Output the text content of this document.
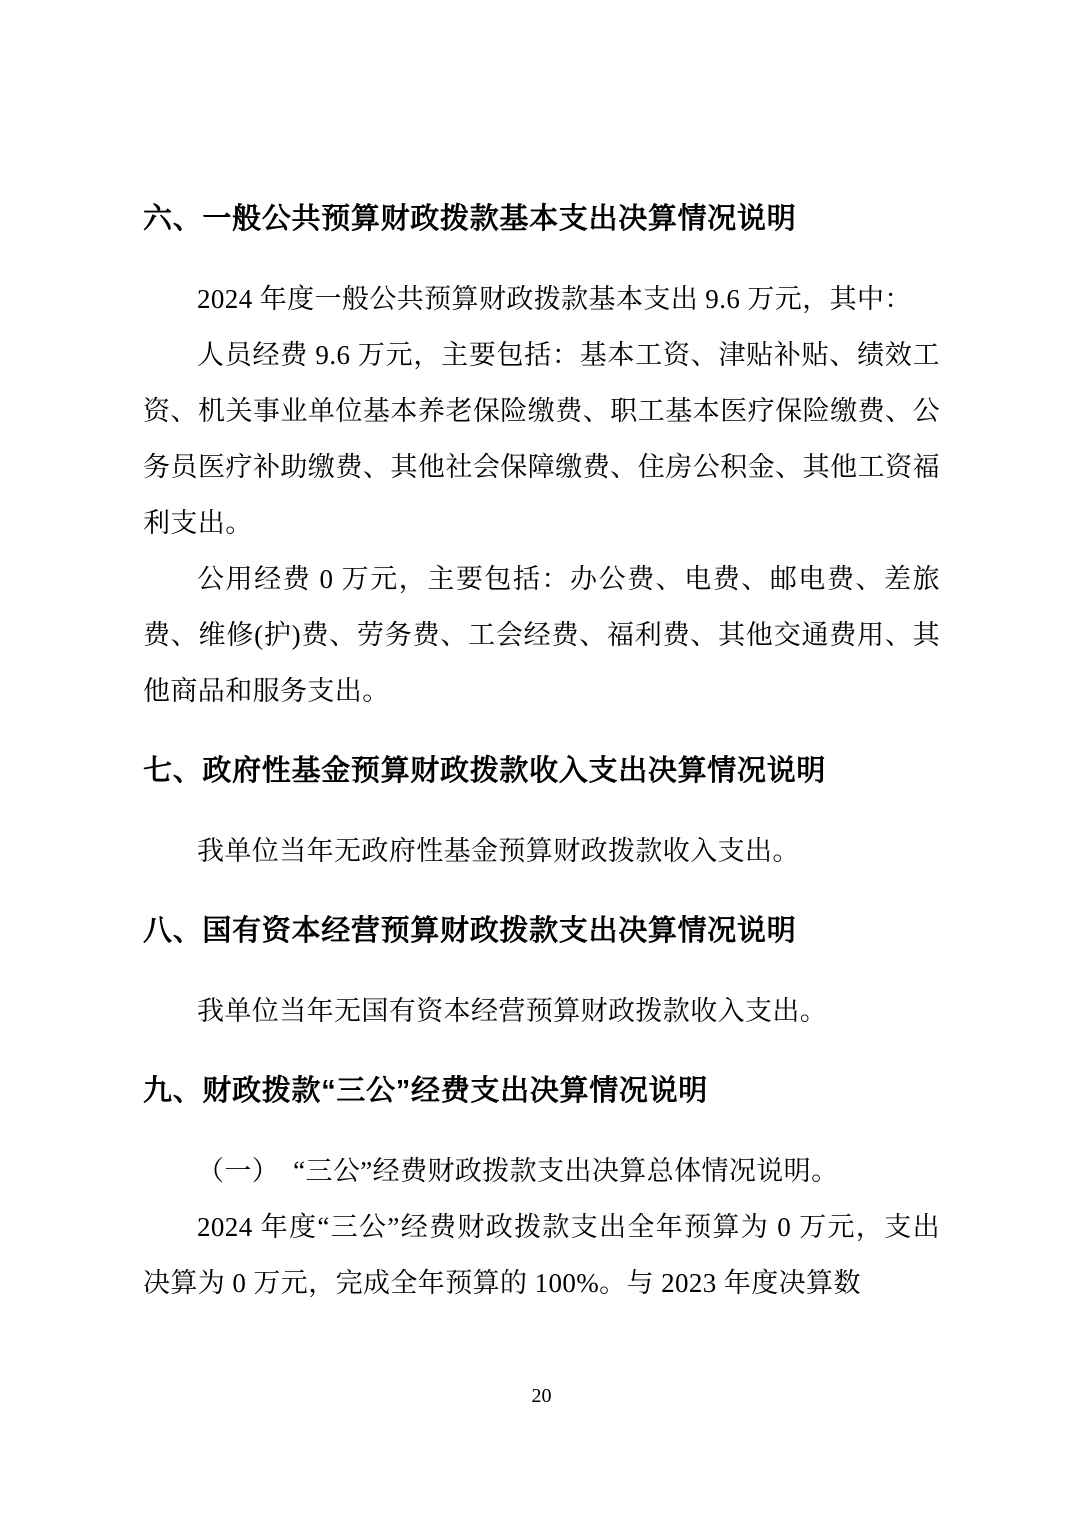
六、一般公共预算财政拨款基本支出决算情况说明

2024 年度一般公共预算财政拨款基本支出 9.6 万元，其中：

人员经费 9.6 万元，主要包括：基本工资、津贴补贴、绩效工资、机关事业单位基本养老保险缴费、职工基本医疗保险缴费、公务员医疗补助缴费、其他社会保障缴费、住房公积金、其他工资福利支出。

公用经费 0 万元，主要包括：办公费、电费、邮电费、差旅费、维修(护)费、劳务费、工会经费、福利费、其他交通费用、其他商品和服务支出。

七、政府性基金预算财政拨款收入支出决算情况说明

我单位当年无政府性基金预算财政拨款收入支出。

八、国有资本经营预算财政拨款支出决算情况说明

我单位当年无国有资本经营预算财政拨款收入支出。

九、财政拨款“三公”经费支出决算情况说明

（一）　“三公”经费财政拨款支出决算总体情况说明。

2024 年度“三公”经费财政拨款支出全年预算为 0 万元，支出决算为 0 万元，完成全年预算的 100%。与 2023 年度决算数

20
